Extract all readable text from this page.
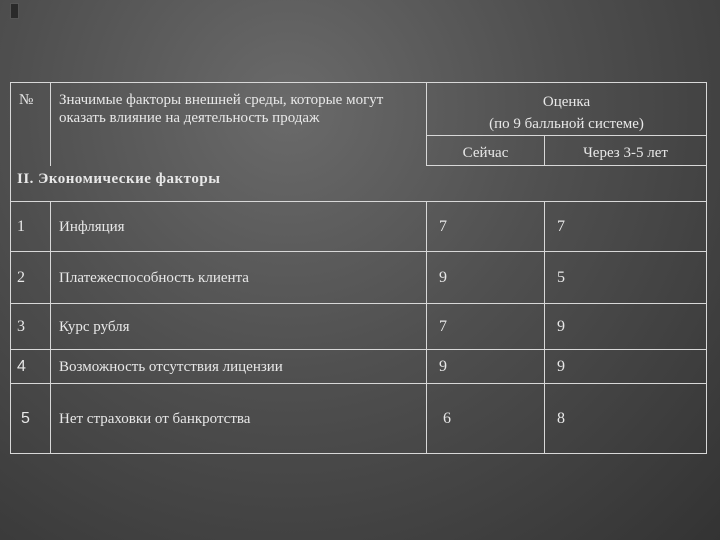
№	Значимые факторы внешней среды, которые могут оказать влияние на деятельность продаж	Оценка
(по 9 балльной системе)	

		Сейчас	Через 3-5 лет
II. Экономические факторы			
1	Инфляция	7	7
2	Платежеспособность клиента	9	5
3	Курс рубля	7	9
4	Возможность отсутствия лицензии	9	9
5	Нет страховки от банкротства	6	8
